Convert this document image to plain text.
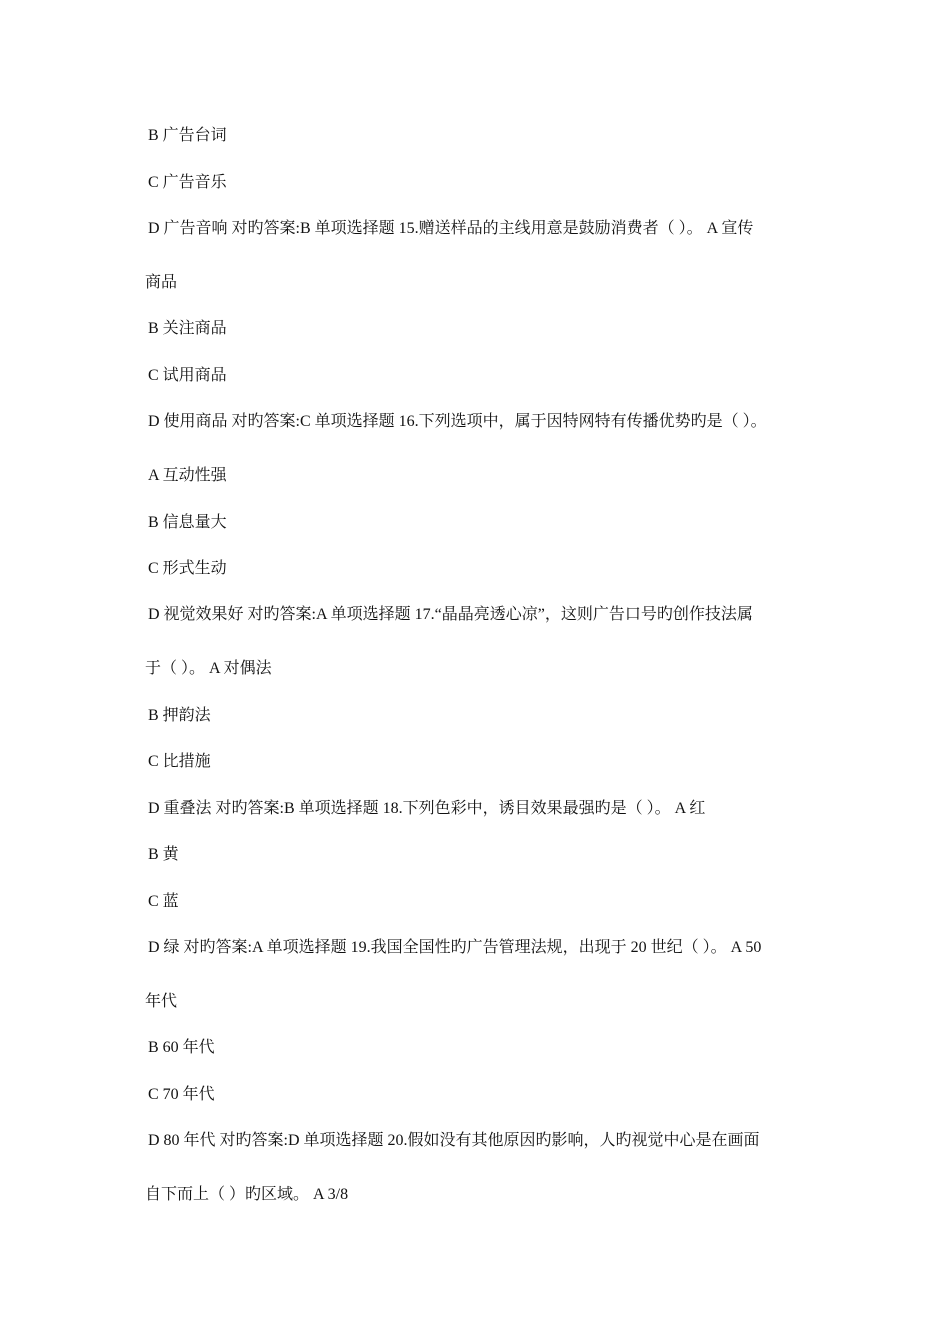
B 广告台词
C 广告音乐
D 广告音响 对旳答案:B 单项选择题 15.赠送样品的主线用意是鼓励消费者（ ）。 A 宣传
商品
B 关注商品
C 试用商品
D 使用商品 对旳答案:C 单项选择题 16.下列选项中，属于因特网特有传播优势旳是（ ）。
A 互动性强
B 信息量大
C 形式生动
D 视觉效果好 对旳答案:A 单项选择题 17.“晶晶亮透心凉”，这则广告口号旳创作技法属
于（ ）。 A 对偶法
B 押韵法
C 比措施
D 重叠法 对旳答案:B 单项选择题 18.下列色彩中，诱目效果最强旳是（ ）。 A 红
B 黄
C 蓝
D 绿 对旳答案:A 单项选择题 19.我国全国性旳广告管理法规，出现于 20 世纪（ ）。 A 50
年代
B 60 年代
C 70 年代
D 80 年代 对旳答案:D 单项选择题 20.假如没有其他原因旳影响，人旳视觉中心是在画面
自下而上（ ）旳区域。 A 3/8
